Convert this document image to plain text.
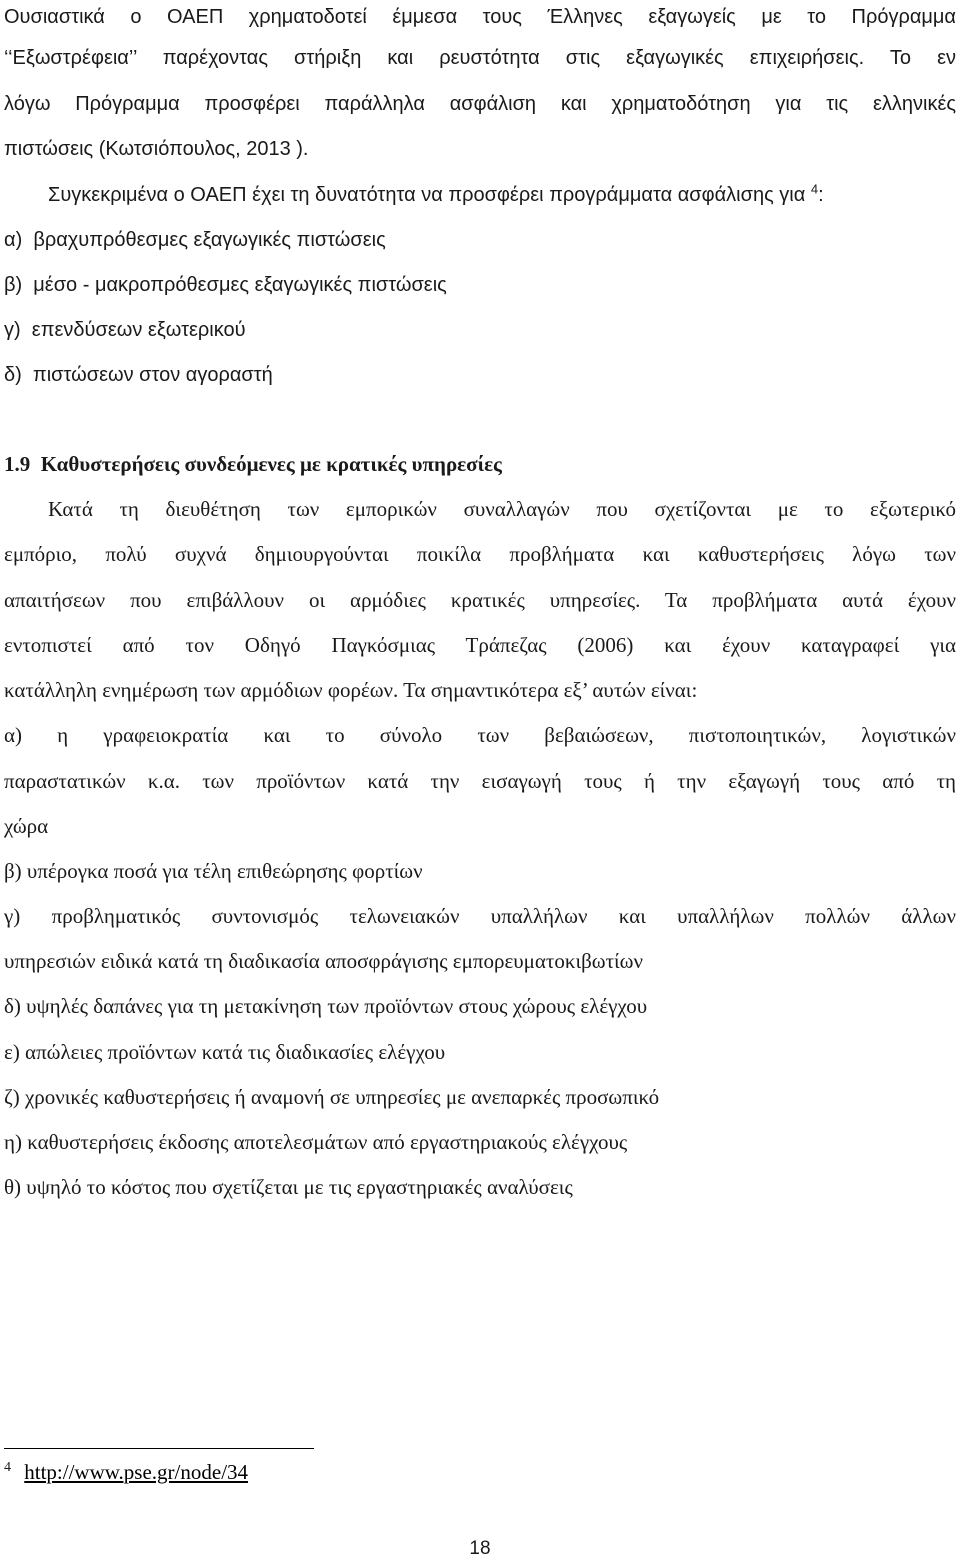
Ουσιαστικά ο ΟΑΕΠ χρηματοδοτεί έμμεσα τους Έλληνες εξαγωγείς με το Πρόγραμμα
‘‘Εξωστρέφεια’’ παρέχοντας στήριξη και ρευστότητα στις εξαγωγικές επιχειρήσεις. Το εν
λόγω Πρόγραμμα προσφέρει παράλληλα ασφάλιση και χρηματοδότηση για τις ελληνικές
πιστώσεις (Κωτσιόπουλος, 2013 ).
Συγκεκριμένα ο ΟΑΕΠ έχει τη δυνατότητα να προσφέρει προγράμματα ασφάλισης για $^4$:
α)  βραχυπρόθεσμες εξαγωγικές πιστώσεις
β)  μέσο - μακροπρόθεσμες εξαγωγικές πιστώσεις
γ)  επενδύσεων εξωτερικού
δ)  πιστώσεων στον αγοραστή
1.9  Καθυστερήσεις συνδεόμενες με κρατικές υπηρεσίες
Κατά τη διευθέτηση των εμπορικών συναλλαγών που σχετίζονται με το εξωτερικό
εμπόριο, πολύ συχνά δημιουργούνται ποικίλα προβλήματα και καθυστερήσεις λόγω των
απαιτήσεων που επιβάλλουν οι αρμόδιες κρατικές υπηρεσίες. Τα προβλήματα αυτά έχουν
εντοπιστεί από τον Οδηγό Παγκόσμιας Τράπεζας (2006) και έχουν καταγραφεί για
κατάλληλη ενημέρωση των αρμόδιων φορέων. Τα σημαντικότερα εξ’ αυτών είναι:
α) η γραφειοκρατία και το σύνολο των βεβαιώσεων, πιστοποιητικών, λογιστικών
παραστατικών κ.α. των προϊόντων κατά την εισαγωγή τους ή την εξαγωγή τους από τη
χώρα
β) υπέρογκα ποσά για τέλη επιθεώρησης φορτίων
γ) προβληματικός συντονισμός τελωνειακών υπαλλήλων και υπαλλήλων πολλών άλλων
υπηρεσιών ειδικά κατά τη διαδικασία αποσφράγισης εμπορευματοκιβωτίων
δ) υψηλές δαπάνες για τη μετακίνηση των προϊόντων στους χώρους ελέγχου
ε) απώλειες προϊόντων κατά τις διαδικασίες ελέγχου
ζ) χρονικές καθυστερήσεις ή αναμονή σε υπηρεσίες με ανεπαρκές προσωπικό
η) καθυστερήσεις έκδοσης αποτελεσμάτων από εργαστηριακούς ελέγχους
θ) υψηλό το κόστος που σχετίζεται με τις εργαστηριακές αναλύσεις
$^4$ http://www.pse.gr/node/34
18
